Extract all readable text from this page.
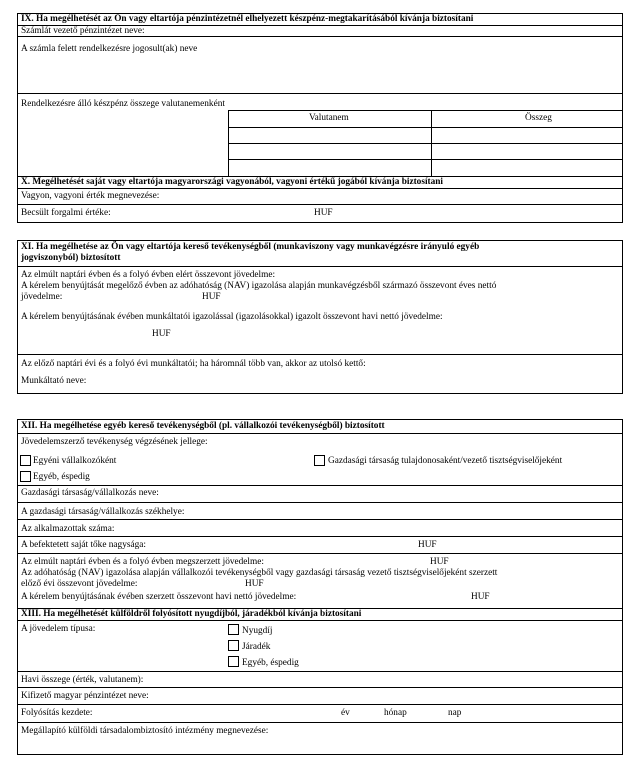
IX. Ha megélhetését az Ön vagy eltartója pénzintézetnél elhelyezett készpénz-megtakarításából kívánja biztosítani
Számlát vezető pénzintézet neve:
A számla felett rendelkezésre jogosult(ak) neve
Rendelkezésre álló készpénz összege valutanemenként
Valutanem	Összeg
X. Megélhetését saját vagy eltartója magyarországi vagyonából, vagyoni értékű jogából kívánja biztosítani
Vagyon, vagyoni érték megnevezése:
Becsült forgalmi értéke:	HUF
XI. Ha megélhetése az Ön vagy eltartója kereső tevékenységből (munkaviszony vagy munkavégzésre irányuló egyéb
jogviszonyból) biztosított
Az elmúlt naptári évben és a folyó évben elért összevont jövedelme:
A kérelem benyújtását megelőző évben az adóhatóság (NAV) igazolása alapján munkavégzésből származó összevont éves nettó
jövedelme:	HUF
A kérelem benyújtásának évében munkáltatói igazolással (igazolásokkal) igazolt összevont havi nettó jövedelme:
HUF
Az előző naptári évi és a folyó évi munkáltatói; ha háromnál több van, akkor az utolsó kettő:
Munkáltató neve:
XII. Ha megélhetése egyéb kereső tevékenységből (pl. vállalkozói tevékenységből) biztosított
Jövedelemszerző tevékenység végzésének jellege:
Egyéni vállalkozóként	Gazdasági társaság tulajdonosaként/vezető tisztségviselőjeként
Egyéb, éspedig
Gazdasági társaság/vállalkozás neve:
A gazdasági társaság/vállalkozás székhelye:
Az alkalmazottak száma:
A befektetett saját tőke nagysága:	HUF
Az elmúlt naptári évben és a folyó évben megszerzett jövedelme:	HUF
Az adóhatóság (NAV) igazolása alapján vállalkozói tevékenységből vagy gazdasági társaság vezető tisztségviselőjeként szerzett
előző évi összevont jövedelme:	HUF
A kérelem benyújtásának évében szerzett összevont havi nettó jövedelme:	HUF
XIII. Ha megélhetését külföldről folyósított nyugdíjból, járadékból kívánja biztosítani
A jövedelem típusa:	Nyugdíj
Járadék
Egyéb, éspedig
Havi összege (érték, valutanem):
Kifizető magyar pénzintézet neve:
Folyósítás kezdete:	év	hónap	nap
Megállapító külföldi társadalombiztosító intézmény megnevezése:
